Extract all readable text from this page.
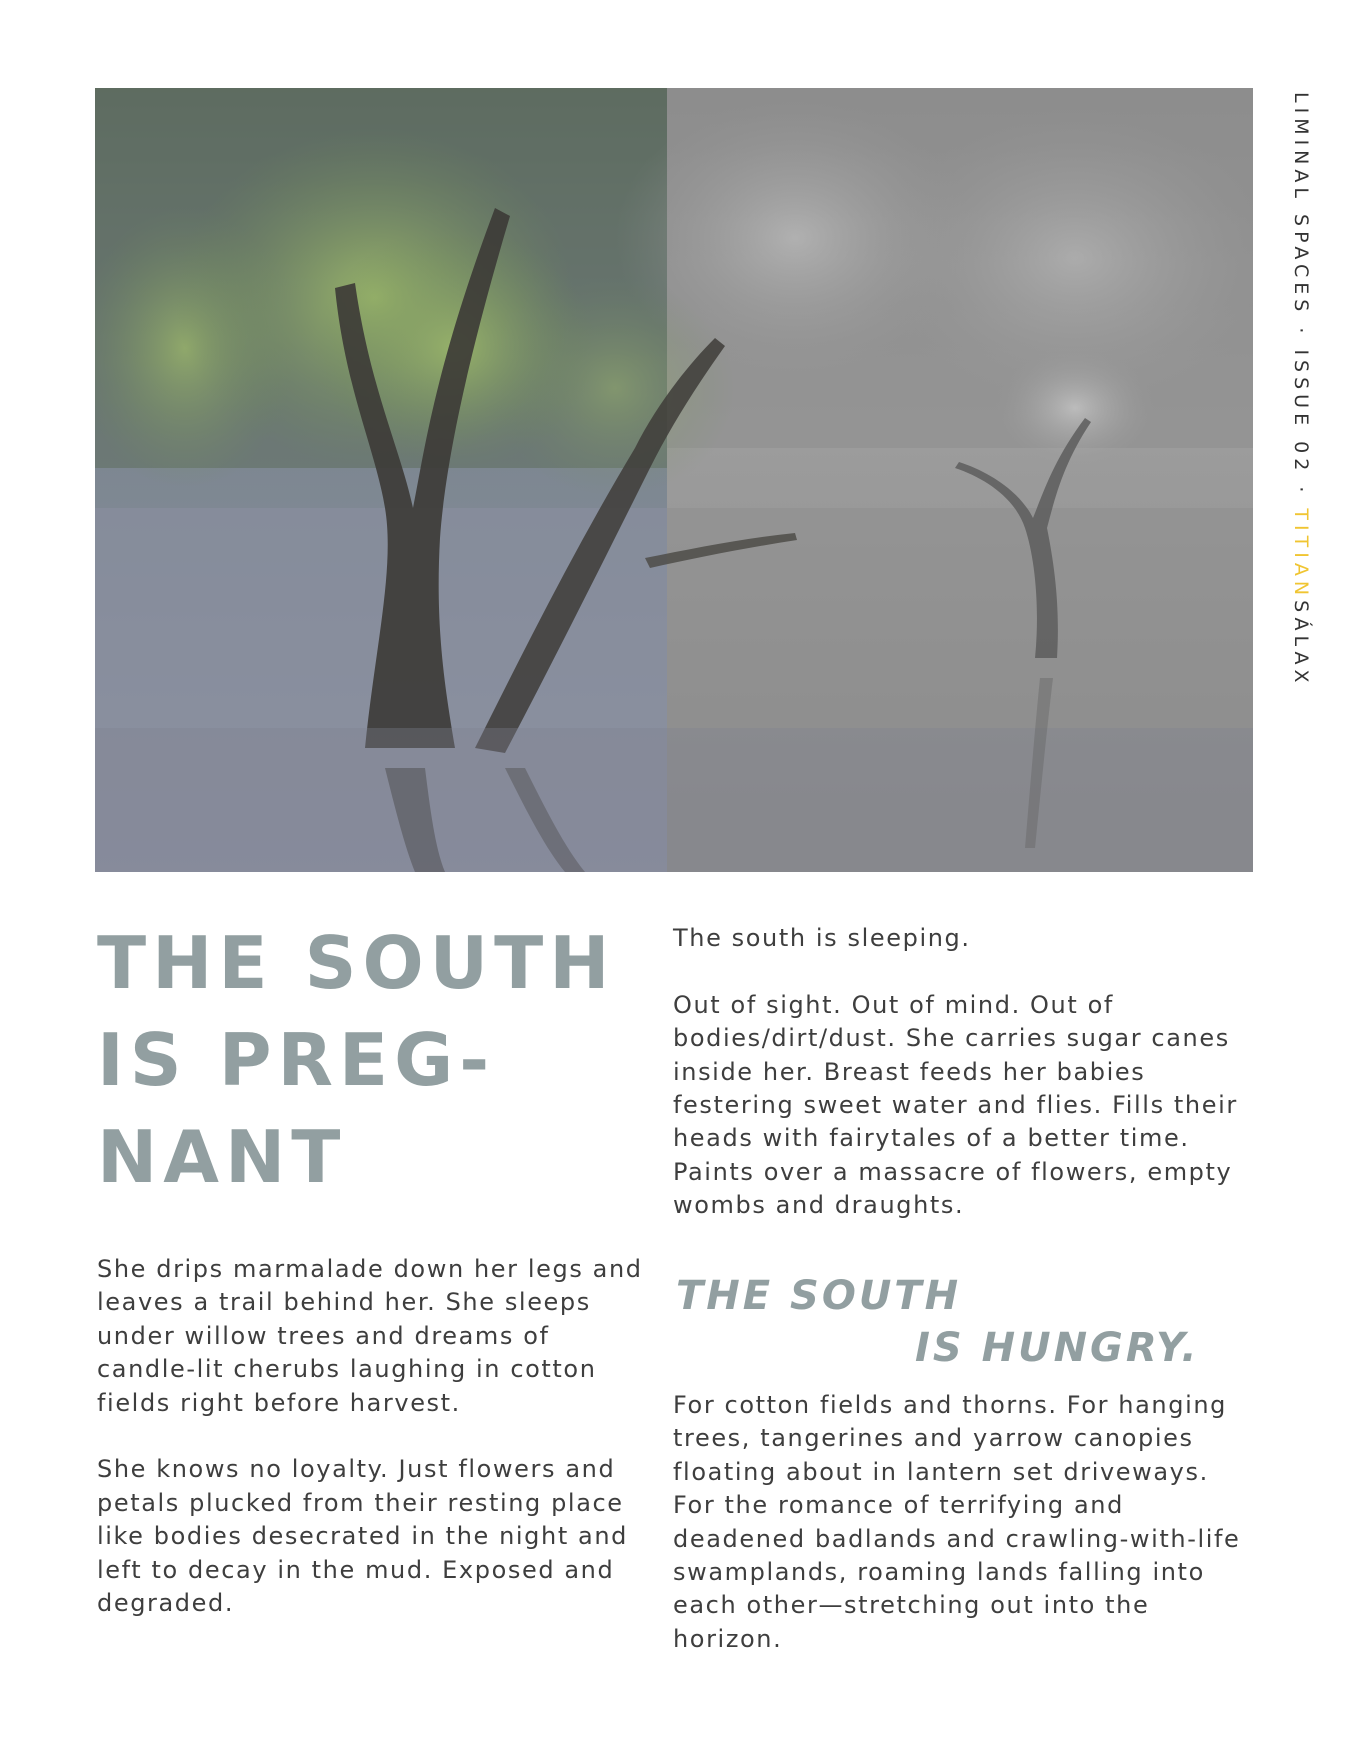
LIMINAL SPACES · ISSUE 02 · TITIANSÁLAX
THE SOUTH
IS PREG-
NANT

She drips marmalade down her legs and leaves a trail behind her. She sleeps under willow trees and dreams of candle-lit cherubs laughing in cotton fields right before harvest.

She knows no loyalty. Just flowers and petals plucked from their resting place like bodies desecrated in the night and left to decay in the mud. Exposed and degraded.

The south is sleeping.

Out of sight. Out of mind. Out of bodies/dirt/dust. She carries sugar canes inside her. Breast feeds her babies festering sweet water and flies. Fills their heads with fairytales of a better time. Paints over a massacre of flowers, empty wombs and draughts.

THE SOUTH
IS HUNGRY.

For cotton fields and thorns. For hanging trees, tangerines and yarrow canopies floating about in lantern set driveways. For the romance of terrifying and deadened badlands and crawling-with-life swamplands, roaming lands falling into each other—stretching out into the horizon.
